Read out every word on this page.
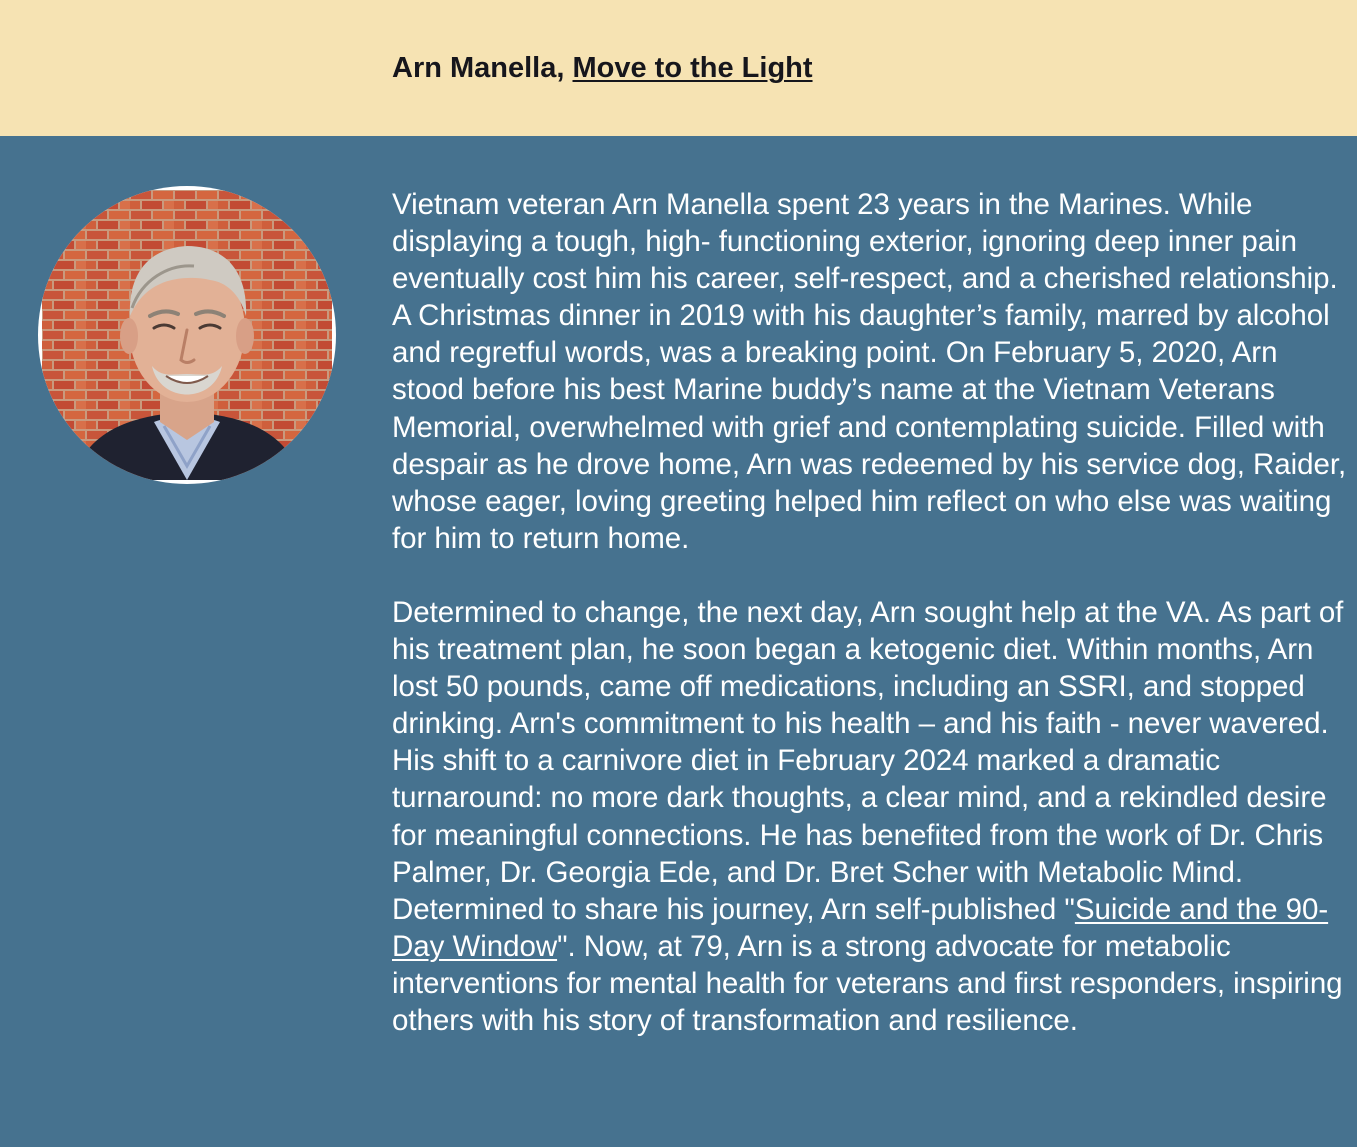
Arn Manella, Move to the Light

Vietnam veteran Arn Manella spent 23 years in the Marines. While displaying a tough, high- functioning exterior, ignoring deep inner pain eventually cost him his career, self-respect, and a cherished relationship. A Christmas dinner in 2019 with his daughter’s family, marred by alcohol and regretful words, was a breaking point. On February 5, 2020, Arn stood before his best Marine buddy’s name at the Vietnam Veterans Memorial, overwhelmed with grief and contemplating suicide. Filled with despair as he drove home, Arn was redeemed by his service dog, Raider, whose eager, loving greeting helped him reflect on who else was waiting for him to return home.

Determined to change, the next day, Arn sought help at the VA. As part of his treatment plan, he soon began a ketogenic diet. Within months, Arn lost 50 pounds, came off medications, including an SSRI, and stopped drinking. Arn's commitment to his health – and his faith - never wavered. His shift to a carnivore diet in February 2024 marked a dramatic turnaround: no more dark thoughts, a clear mind, and a rekindled desire for meaningful connections. He has benefited from the work of Dr. Chris Palmer, Dr. Georgia Ede, and Dr. Bret Scher with Metabolic Mind. Determined to share his journey, Arn self-published "Suicide and the 90-Day Window". Now, at 79, Arn is a strong advocate for metabolic interventions for mental health for veterans and first responders, inspiring others with his story of transformation and resilience.
